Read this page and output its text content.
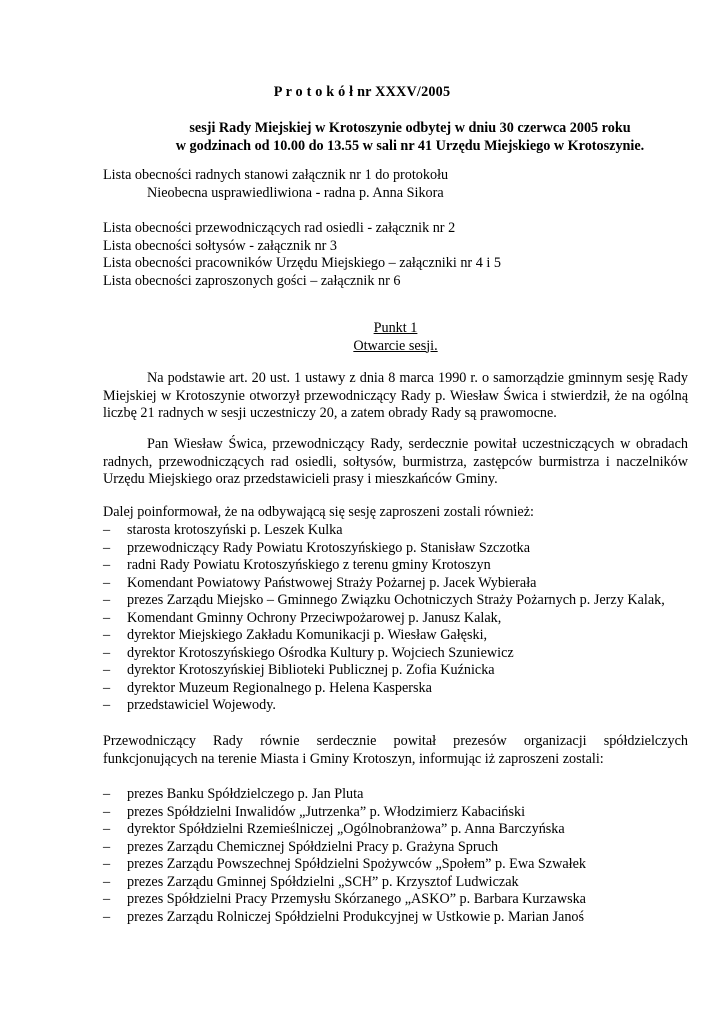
P r o t o k ó ł nr XXXV/2005
sesji Rady Miejskiej w Krotoszynie odbytej w dniu 30 czerwca 2005 roku
w godzinach od 10.00 do 13.55 w sali nr 41 Urzędu Miejskiego w Krotoszynie.
Lista obecności radnych stanowi załącznik nr 1 do protokołu
Nieobecna usprawiedliwiona - radna p. Anna Sikora
Lista obecności przewodniczących rad osiedli - załącznik nr 2
Lista obecności sołtysów - załącznik nr 3
Lista obecności pracowników Urzędu Miejskiego – załączniki nr 4 i 5
Lista obecności zaproszonych gości – załącznik nr 6
Punkt 1
Otwarcie sesji.
Na podstawie art. 20 ust. 1 ustawy z dnia 8 marca 1990 r. o samorządzie gminnym sesję Rady Miejskiej w Krotoszynie otworzył przewodniczący Rady p. Wiesław Świca i stwierdził, że na ogólną liczbę 21 radnych w sesji uczestniczy 20, a zatem obrady Rady są prawomocne.
Pan Wiesław Świca, przewodniczący Rady, serdecznie powitał uczestniczących w obradach radnych, przewodniczących rad osiedli, sołtysów, burmistrza, zastępców burmistrza i naczelników Urzędu Miejskiego oraz przedstawicieli prasy i mieszkańców Gminy.
Dalej poinformował, że na odbywającą się sesję zaproszeni zostali również:
– starosta krotoszyński p. Leszek Kulka
– przewodniczący Rady Powiatu Krotoszyńskiego p. Stanisław Szczotka
– radni Rady Powiatu Krotoszyńskiego z terenu gminy Krotoszyn
– Komendant Powiatowy Państwowej Straży Pożarnej p. Jacek Wybierała
– prezes Zarządu Miejsko – Gminnego Związku Ochotniczych Straży Pożarnych p. Jerzy Kalak,
– Komendant Gminny Ochrony Przeciwpożarowej p. Janusz Kalak,
– dyrektor Miejskiego Zakładu Komunikacji p. Wiesław Gałęski,
– dyrektor Krotoszyńskiego Ośrodka Kultury p. Wojciech Szuniewicz
– dyrektor Krotoszyńskiej Biblioteki Publicznej p. Zofia Kuźnicka
– dyrektor Muzeum Regionalnego p. Helena Kasperska
– przedstawiciel Wojewody.
Przewodniczący Rady równie serdecznie powitał prezesów organizacji spółdzielczych funkcjonujących na terenie Miasta i Gminy Krotoszyn, informując iż zaproszeni zostali:
– prezes Banku Spółdzielczego p. Jan Pluta
– prezes Spółdzielni Inwalidów „Jutrzenka” p. Włodzimierz Kabaciński
– dyrektor Spółdzielni Rzemieślniczej „Ogólnobranżowa” p. Anna Barczyńska
– prezes Zarządu Chemicznej Spółdzielni Pracy p. Grażyna Spruch
– prezes Zarządu Powszechnej Spółdzielni Spożywców „Społem” p. Ewa Szwałek
– prezes Zarządu Gminnej Spółdzielni „SCH” p. Krzysztof Ludwiczak
– prezes Spółdzielni Pracy Przemysłu Skórzanego „ASKO” p. Barbara Kurzawska
– prezes Zarządu Rolniczej Spółdzielni Produkcyjnej w Ustkowie p. Marian Janoś
